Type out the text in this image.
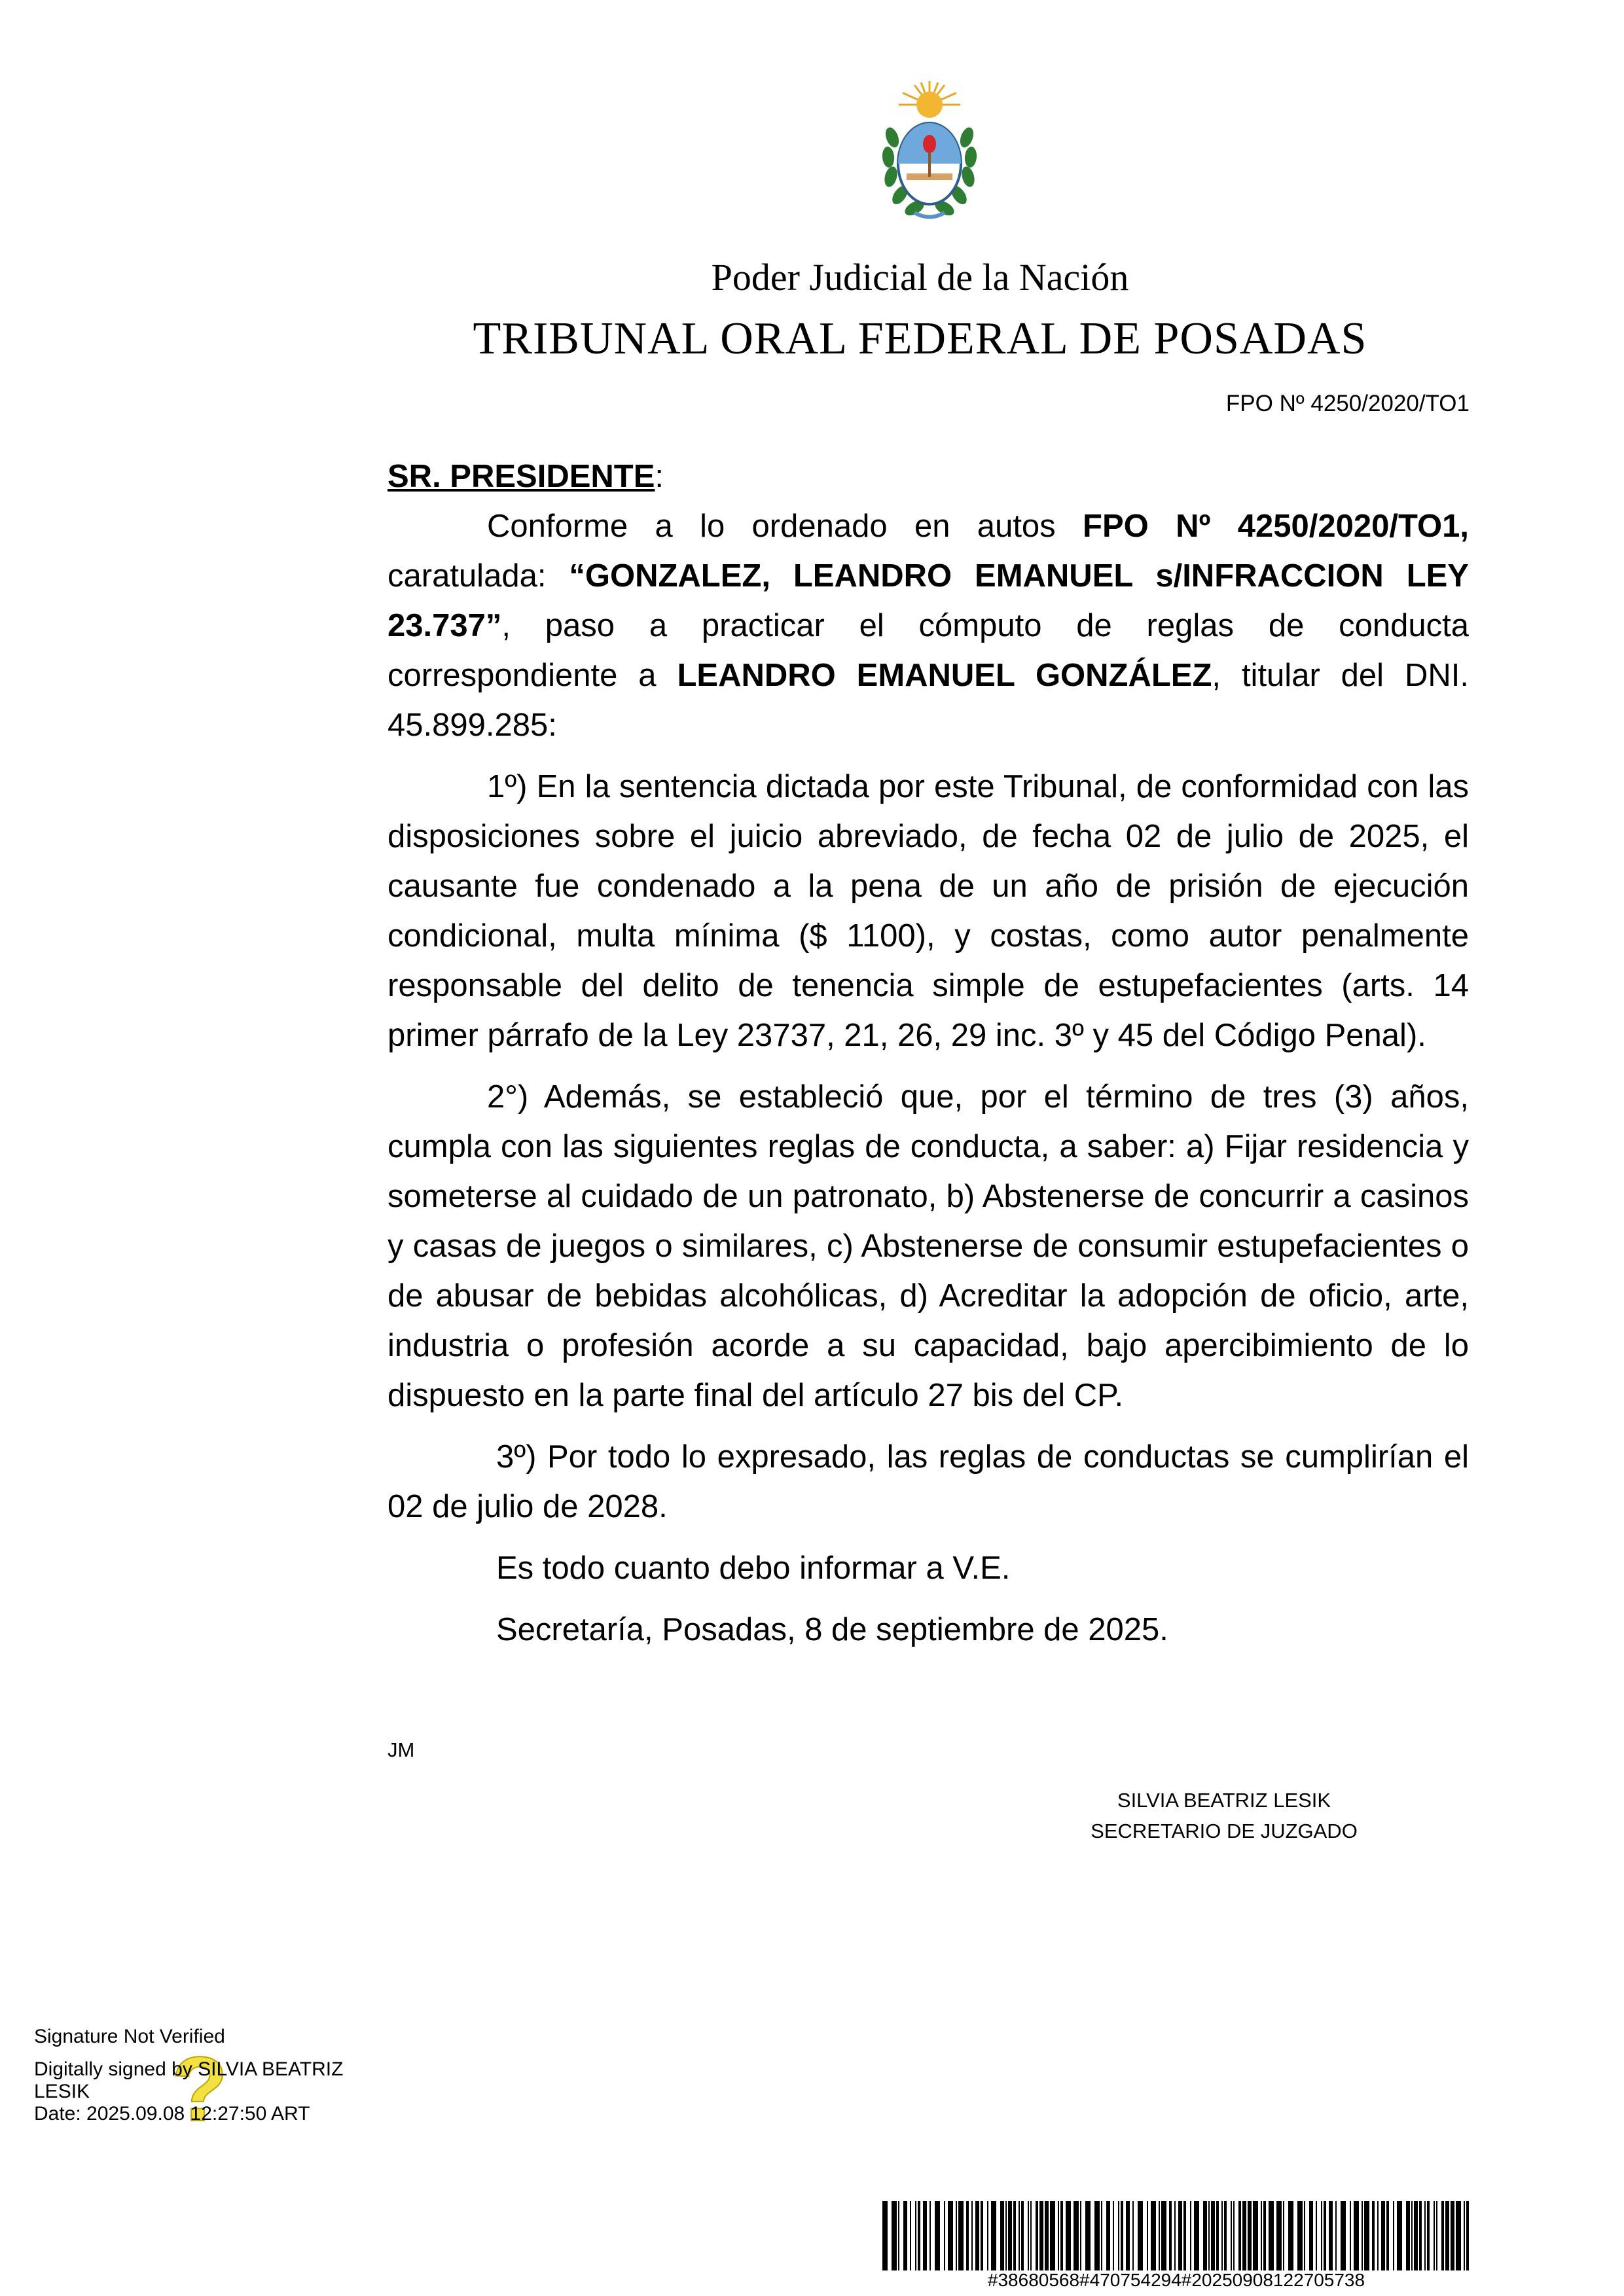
Poder Judicial de la Nación
TRIBUNAL ORAL FEDERAL DE POSADAS
FPO Nº 4250/2020/TO1

SR. PRESIDENTE:

Conforme a lo ordenado en autos FPO Nº 4250/2020/TO1, caratulada: “GONZALEZ, LEANDRO EMANUEL s/INFRACCION LEY 23.737”, paso a practicar el cómputo de reglas de conducta correspondiente a LEANDRO EMANUEL GONZÁLEZ, titular del DNI. 45.899.285:

1º) En la sentencia dictada por este Tribunal, de conformidad con las disposiciones sobre el juicio abreviado, de fecha 02 de julio de 2025, el causante fue condenado a la pena de un año de prisión de ejecución condicional, multa mínima ($ 1100), y costas, como autor penalmente responsable del delito de tenencia simple de estupefacientes (arts. 14 primer párrafo de la Ley 23737, 21, 26, 29 inc. 3º y 45 del Código Penal).

2°) Además, se estableció que, por el término de tres (3) años, cumpla con las siguientes reglas de conducta, a saber: a) Fijar residencia y someterse al cuidado de un patronato, b) Abstenerse de concurrir a casinos y casas de juegos o similares, c) Abstenerse de consumir estupefacientes o de abusar de bebidas alcohólicas, d) Acreditar la adopción de oficio, arte, industria o profesión acorde a su capacidad, bajo apercibimiento de lo dispuesto en la parte final del artículo 27 bis del CP.

3º) Por todo lo expresado, las reglas de conductas se cumplirían el 02 de julio de 2028.

Es todo cuanto debo informar a V.E.

Secretaría, Posadas, 8 de septiembre de 2025.

JM
SILVIA BEATRIZ LESIK
SECRETARIO DE JUZGADO
?
Signature Not Verified
Digitally signed by SILVIA BEATRIZ
LESIK
Date: 2025.09.08 12:27:50 ART
#38680568#470754294#20250908122705738
